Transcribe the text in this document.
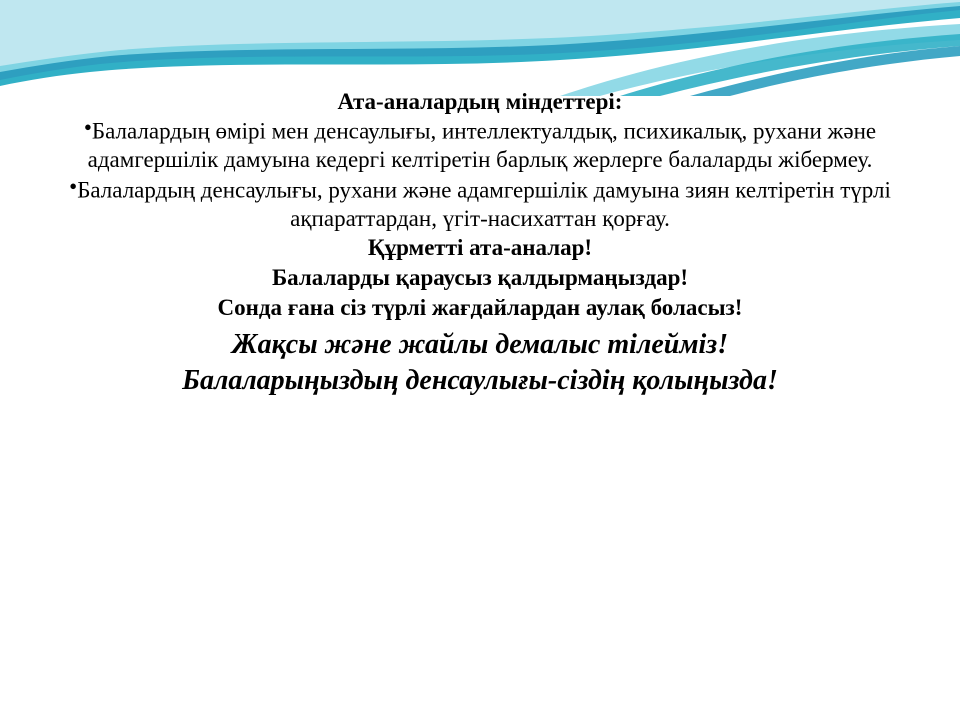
Ата-аналардың міндеттері:
•Балалардың өмірі мен денсаулығы, интеллектуалдық, психикалық, рухани және адамгершілік дамуына кедергі келтіретін барлық жерлерге балаларды жібермеу.
•Балалардың денсаулығы, рухани және адамгершілік дамуына зиян келтіретін түрлі ақпараттардан, үгіт-насихаттан қорғау.
Құрметті ата-аналар!
Балаларды қараусыз қалдырмаңыздар!
Сонда ғана сіз түрлі жағдайлардан аулақ боласыз!
Жақсы және жайлы демалыс тілейміз!
Балаларыңыздың денсаулығы-сіздің қолыңызда!
